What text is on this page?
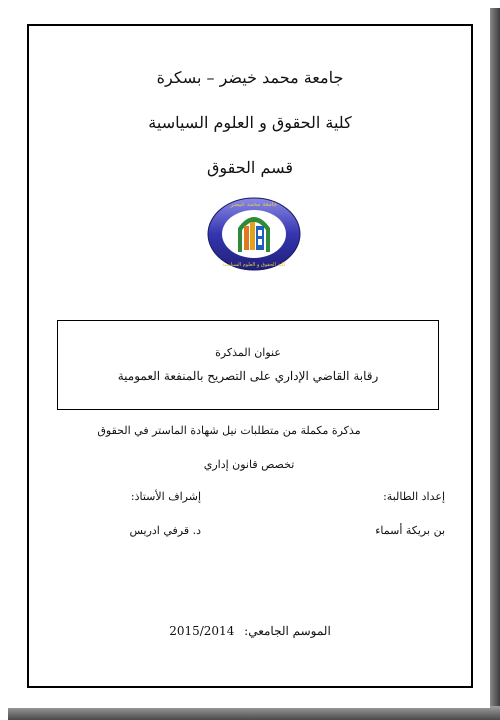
جامعة محمد خيضر – بسكرة
كلية الحقوق و العلوم السياسية
قسم الحقوق
جامعة محمد خيضر
كلية الحقوق و العلوم السياسية
عنوان المذكرة
رقابة القاضي الإداري على التصريح بالمنفعة العمومية
مذكرة مكملة من متطلبات نيل شهادة الماستر في الحقوق
تخصص قانون إداري
إعداد الطالبة:
إشراف الأستاذ:
بن بريكة أسماء
د. قرفي ادريس
الموسم الجامعي: 2015/2014
